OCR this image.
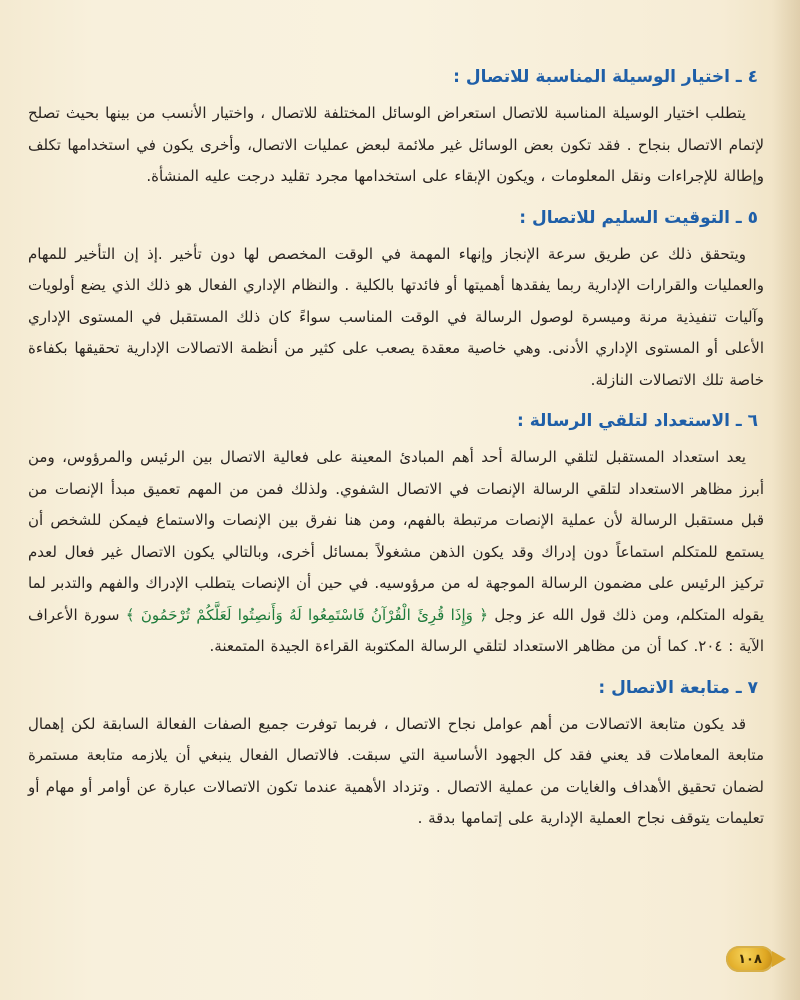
٤ ـ اختيار الوسيلة المناسبة للاتصال :

يتطلب اختيار الوسيلة المناسبة للاتصال استعراض الوسائل المختلفة للاتصال ، واختيار الأنسب من بينها بحيث تصلح لإتمام الاتصال بنجاح . فقد تكون بعض الوسائل غير ملائمة لبعض عمليات الاتصال، وأخرى يكون في استخدامها تكلف وإطالة للإجراءات ونقل المعلومات ، ويكون الإبقاء على استخدامها مجرد تقليد درجت عليه المنشأة.

٥ ـ التوقيت السليم للاتصال :

ويتحقق ذلك عن طريق سرعة الإنجاز وإنهاء المهمة في الوقت المخصص لها دون تأخير .إذ إن التأخير للمهام والعمليات والقرارات الإدارية ربما يفقدها أهميتها أو فائدتها بالكلية . والنظام الإداري الفعال هو ذلك الذي يضع أولويات وآليات تنفيذية مرنة وميسرة لوصول الرسالة في الوقت المناسب سواءً كان ذلك المستقبل في المستوى الإداري الأعلى أو المستوى الإداري الأدنى. وهي خاصية معقدة يصعب على كثير من أنظمة الاتصالات الإدارية تحقيقها بكفاءة خاصة تلك الاتصالات النازلة.

٦ ـ الاستعداد لتلقي الرسالة :

يعد استعداد المستقبل لتلقي الرسالة أحد أهم المبادئ المعينة على فعالية الاتصال بين الرئيس والمرؤوس، ومن أبرز مظاهر الاستعداد لتلقي الرسالة الإنصات في الاتصال الشفوي. ولذلك فمن من المهم تعميق مبدأ الإنصات من قبل مستقبل الرسالة لأن عملية الإنصات مرتبطة بالفهم، ومن هنا نفرق بين الإنصات والاستماع فيمكن للشخص أن يستمع للمتكلم استماعاً دون إدراك وقد يكون الذهن مشغولاً بمسائل أخرى، وبالتالي يكون الاتصال غير فعال لعدم تركيز الرئيس على مضمون الرسالة الموجهة له من مرؤوسيه. في حين أن الإنصات يتطلب الإدراك والفهم والتدبر لما يقوله المتكلم، ومن ذلك قول الله عز وجل ﴿ وَإِذَا قُرِئَ الْقُرْآنُ فَاسْتَمِعُوا لَهُ وَأَنصِتُوا لَعَلَّكُمْ تُرْحَمُونَ ﴾ سورة الأعراف الآية : ٢٠٤. كما أن من مظاهر الاستعداد لتلقي الرسالة المكتوبة القراءة الجيدة المتمعنة.

٧ ـ متابعة الاتصال :

قد يكون متابعة الاتصالات من أهم عوامل نجاح الاتصال ، فربما توفرت جميع الصفات الفعالة السابقة لكن إهمال متابعة المعاملات قد يعني فقد كل الجهود الأساسية التي سبقت. فالاتصال الفعال ينبغي أن يلازمه متابعة مستمرة لضمان تحقيق الأهداف والغايات من عملية الاتصال . وتزداد الأهمية عندما تكون الاتصالات عبارة عن أوامر أو مهام أو تعليمات يتوقف نجاح العملية الإدارية على إتمامها بدقة .

١٠٨
